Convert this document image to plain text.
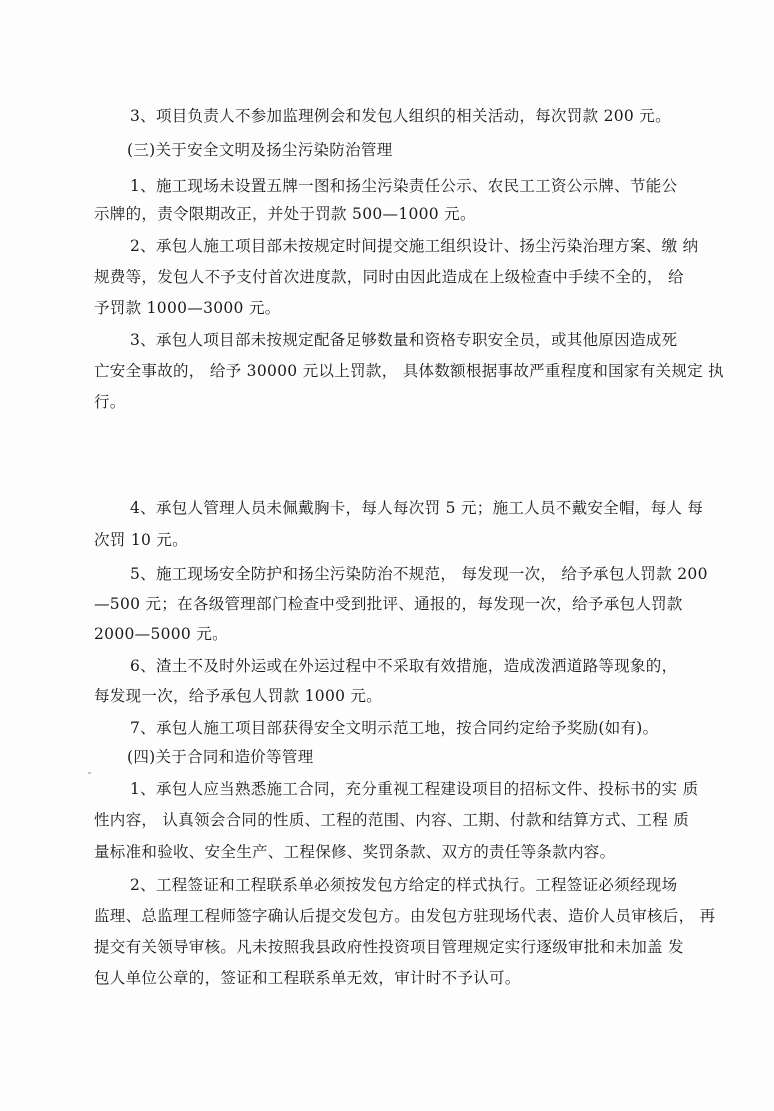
3、项目负责人不参加监理例会和发包人组织的相关活动，每次罚款 200 元。
(三)关于安全文明及扬尘污染防治管理
1、施工现场未设置五牌一图和扬尘污染责任公示、农民工工资公示牌、节能公
示牌的，责令限期改正，并处于罚款 500—1000 元。
2、承包人施工项目部未按规定时间提交施工组织设计、扬尘污染治理方案、缴 纳
规费等，发包人不予支付首次进度款，同时由因此造成在上级检查中手续不全的， 给
予罚款 1000—3000 元。
3、承包人项目部未按规定配备足够数量和资格专职安全员，或其他原因造成死
亡安全事故的， 给予 30000 元以上罚款， 具体数额根据事故严重程度和国家有关规定 执
行。
4、承包人管理人员未佩戴胸卡，每人每次罚 5 元；施工人员不戴安全帽，每人 每
次罚 10 元。
5、施工现场安全防护和扬尘污染防治不规范， 每发现一次， 给予承包人罚款 200
—500 元；在各级管理部门检查中受到批评、通报的，每发现一次，给予承包人罚款
2000—5000 元。
6、渣土不及时外运或在外运过程中不采取有效措施，造成泼洒道路等现象的，
每发现一次，给予承包人罚款 1000 元。
7、承包人施工项目部获得安全文明示范工地，按合同约定给予奖励(如有)。
(四)关于合同和造价等管理
1、承包人应当熟悉施工合同，充分重视工程建设项目的招标文件、投标书的实 质
性内容， 认真领会合同的性质、工程的范围、内容、工期、付款和结算方式、工程 质
量标准和验收、安全生产、工程保修、奖罚条款、双方的责任等条款内容。
2、工程签证和工程联系单必须按发包方给定的样式执行。工程签证必须经现场
监理、总监理工程师签字确认后提交发包方。由发包方驻现场代表、造价人员审核后， 再
提交有关领导审核。凡未按照我县政府性投资项目管理规定实行逐级审批和未加盖 发
包人单位公章的，签证和工程联系单无效，审计时不予认可。
